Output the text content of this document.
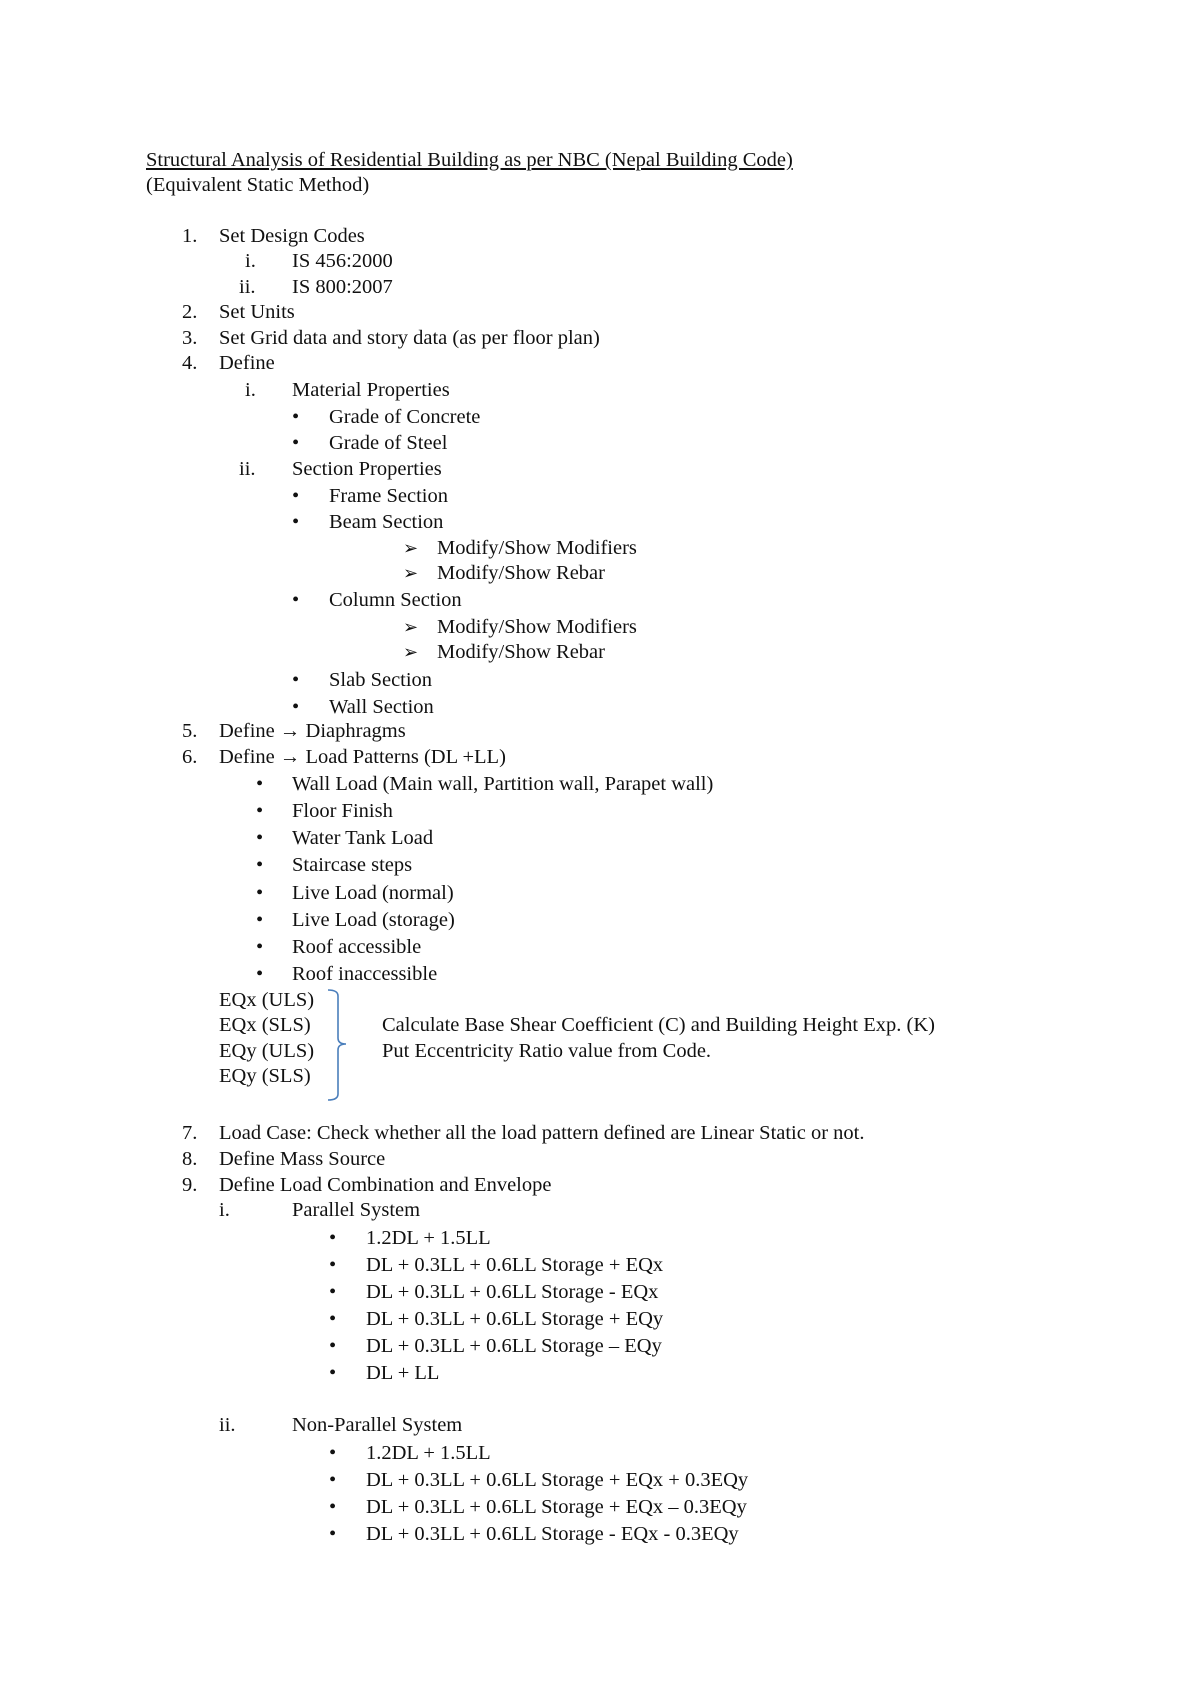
Structural Analysis of Residential Building as per NBC (Nepal Building Code)
(Equivalent Static Method)
1. Set Design Codes
i. IS 456:2000
ii. IS 800:2007
2. Set Units
3. Set Grid data and story data (as per floor plan)
4. Define
i. Material Properties
• Grade of Concrete
• Grade of Steel
ii. Section Properties
• Frame Section
• Beam Section
➢ Modify/Show Modifiers
➢ Modify/Show Rebar
• Column Section
➢ Modify/Show Modifiers
➢ Modify/Show Rebar
• Slab Section
• Wall Section
5. Define → Diaphragms
6. Define → Load Patterns (DL +LL)
• Wall Load (Main wall, Partition wall, Parapet wall)
• Floor Finish
• Water Tank Load
• Staircase steps
• Live Load (normal)
• Live Load (storage)
• Roof accessible
• Roof inaccessible
EQx (ULS)
EQx (SLS)
EQy (ULS)
EQy (SLS)
Calculate Base Shear Coefficient (C) and Building Height Exp. (K)
Put Eccentricity Ratio value from Code.
7. Load Case: Check whether all the load pattern defined are Linear Static or not.
8. Define Mass Source
9. Define Load Combination and Envelope
i.	Parallel System
• 1.2DL + 1.5LL
• DL + 0.3LL + 0.6LL Storage + EQx
• DL + 0.3LL + 0.6LL Storage - EQx
• DL + 0.3LL + 0.6LL Storage + EQy
• DL + 0.3LL + 0.6LL Storage – EQy
• DL + LL
ii.	Non-Parallel System
• 1.2DL + 1.5LL
• DL + 0.3LL + 0.6LL Storage + EQx + 0.3EQy
• DL + 0.3LL + 0.6LL Storage + EQx – 0.3EQy
• DL + 0.3LL + 0.6LL Storage - EQx - 0.3EQy
